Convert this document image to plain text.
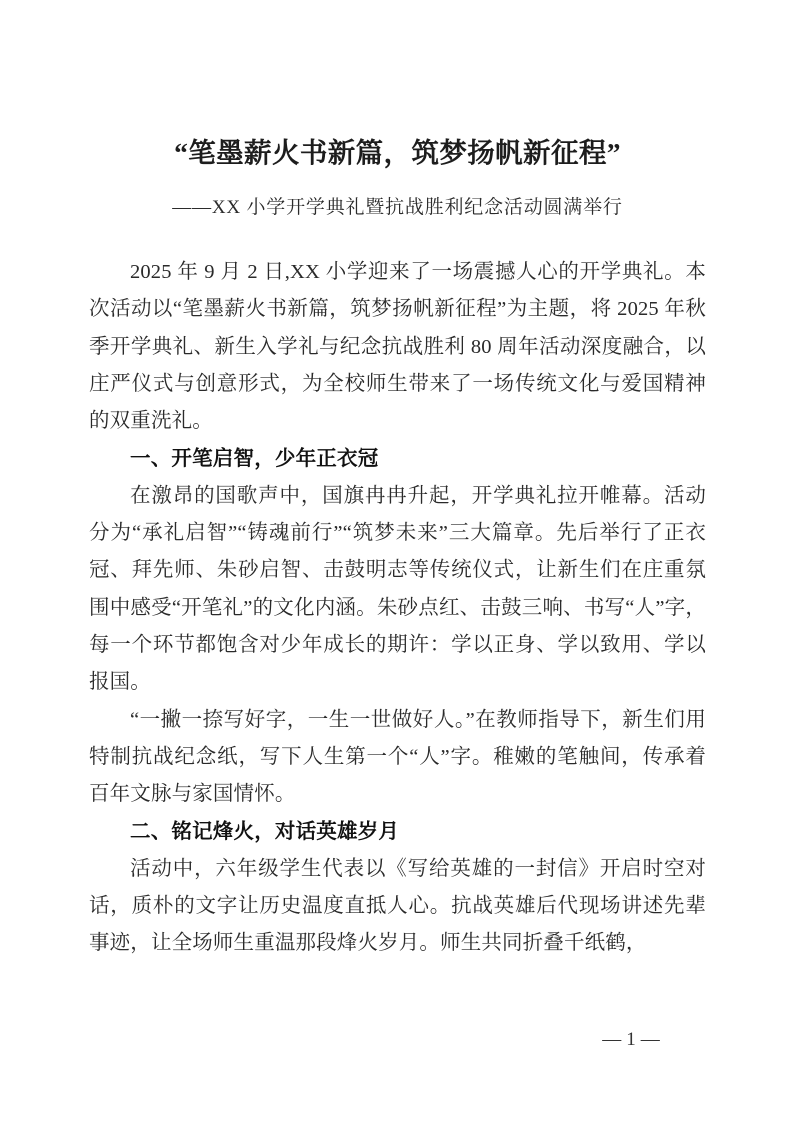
“笔墨薪火书新篇，筑梦扬帆新征程”
——XX 小学开学典礼暨抗战胜利纪念活动圆满举行

2025 年 9 月 2 日,XX 小学迎来了一场震撼人心的开学典礼。本次活动以“笔墨薪火书新篇，筑梦扬帆新征程”为主题，将 2025 年秋季开学典礼、新生入学礼与纪念抗战胜利 80 周年活动深度融合，以庄严仪式与创意形式，为全校师生带来了一场传统文化与爱国精神的双重洗礼。

一、开笔启智，少年正衣冠

在激昂的国歌声中，国旗冉冉升起，开学典礼拉开帷幕。活动分为“承礼启智”“铸魂前行”“筑梦未来”三大篇章。先后举行了正衣冠、拜先师、朱砂启智、击鼓明志等传统仪式，让新生们在庄重氛围中感受“开笔礼”的文化内涵。朱砂点红、击鼓三响、书写“人”字，每一个环节都饱含对少年成长的期许：学以正身、学以致用、学以报国。

“一撇一捺写好字，一生一世做好人。”在教师指导下，新生们用特制抗战纪念纸，写下人生第一个“人”字。稚嫩的笔触间，传承着百年文脉与家国情怀。

二、铭记烽火，对话英雄岁月

活动中，六年级学生代表以《写给英雄的一封信》开启时空对话，质朴的文字让历史温度直抵人心。抗战英雄后代现场讲述先辈事迹，让全场师生重温那段烽火岁月。师生共同折叠千纸鹤，

— 1 —
